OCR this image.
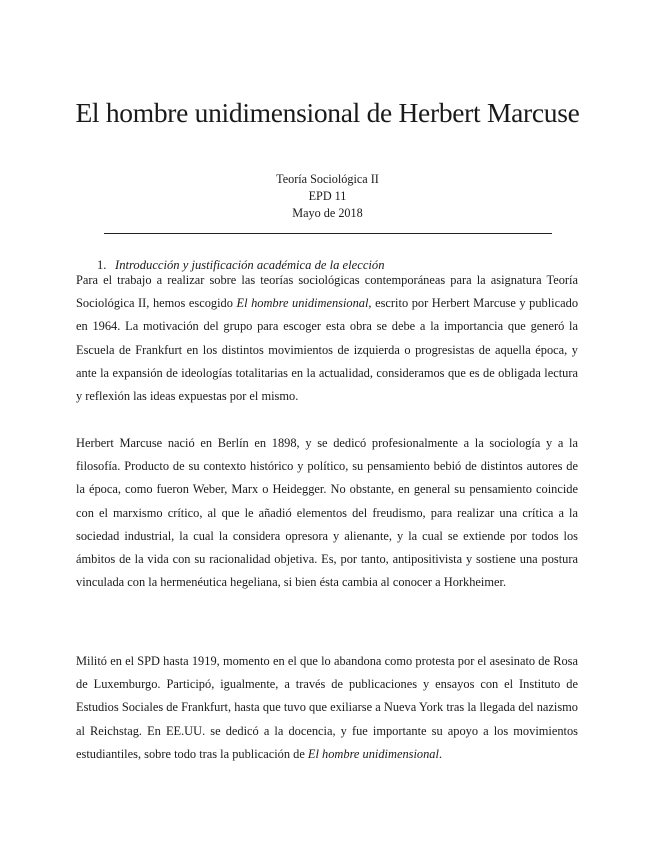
El hombre unidimensional de Herbert Marcuse
Teoría Sociológica II
EPD 11
Mayo de 2018
1. Introducción y justificación académica de la elección

Para el trabajo a realizar sobre las teorías sociológicas contemporáneas para la asignatura Teoría Sociológica II, hemos escogido El hombre unidimensional, escrito por Herbert Marcuse y publicado en 1964. La motivación del grupo para escoger esta obra se debe a la importancia que generó la Escuela de Frankfurt en los distintos movimientos de izquierda o progresistas de aquella época, y ante la expansión de ideologías totalitarias en la actualidad, consideramos que es de obligada lectura y reflexión las ideas expuestas por el mismo.

Herbert Marcuse nació en Berlín en 1898, y se dedicó profesionalmente a la sociología y a la filosofía. Producto de su contexto histórico y político, su pensamiento bebió de distintos autores de la época, como fueron Weber, Marx o Heidegger. No obstante, en general su pensamiento coincide con el marxismo crítico, al que le añadió elementos del freudismo, para realizar una crítica a la sociedad industrial, la cual la considera opresora y alienante, y la cual se extiende por todos los ámbitos de la vida con su racionalidad objetiva. Es, por tanto, antipositivista y sostiene una postura vinculada con la hermenéutica hegeliana, si bien ésta cambia al conocer a Horkheimer.

Militó en el SPD hasta 1919, momento en el que lo abandona como protesta por el asesinato de Rosa de Luxemburgo. Participó, igualmente, a través de publicaciones y ensayos con el Instituto de Estudios Sociales de Frankfurt, hasta que tuvo que exiliarse a Nueva York tras la llegada del nazismo al Reichstag. En EE.UU. se dedicó a la docencia, y fue importante su apoyo a los movimientos estudiantiles, sobre todo tras la publicación de El hombre unidimensional.
